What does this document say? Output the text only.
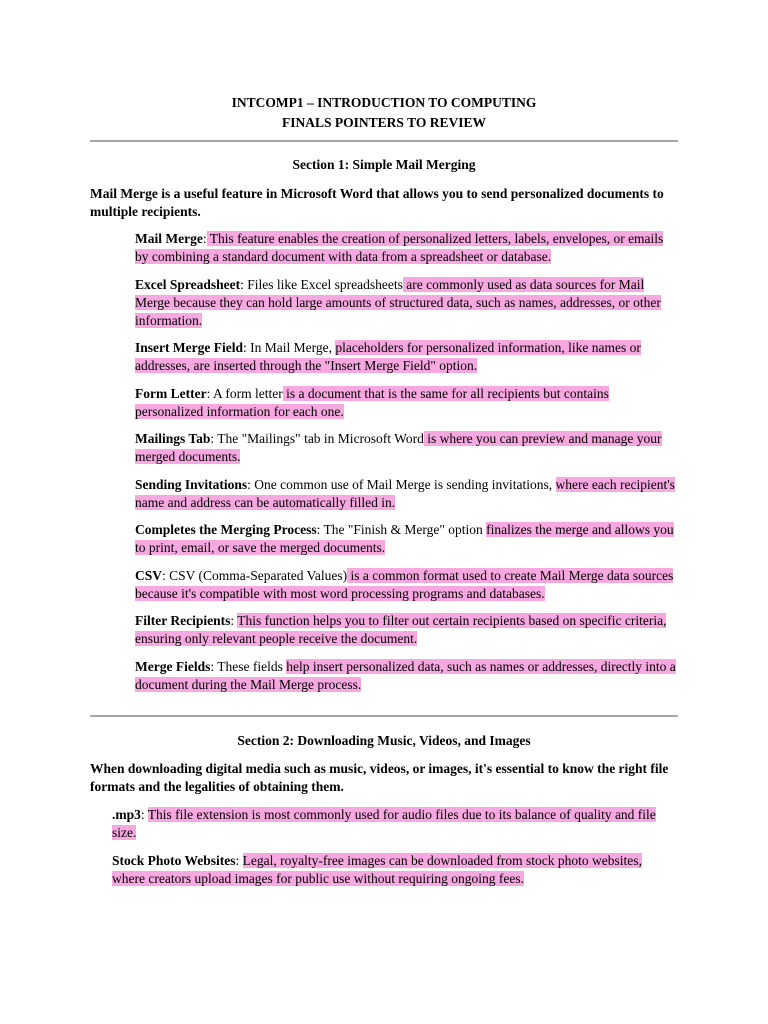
INTCOMP1 – INTRODUCTION TO COMPUTING
FINALS POINTERS TO REVIEW
Section 1: Simple Mail Merging
Mail Merge is a useful feature in Microsoft Word that allows you to send personalized documents to multiple recipients.
Mail Merge: This feature enables the creation of personalized letters, labels, envelopes, or emails by combining a standard document with data from a spreadsheet or database.
Excel Spreadsheet: Files like Excel spreadsheets are commonly used as data sources for Mail Merge because they can hold large amounts of structured data, such as names, addresses, or other information.
Insert Merge Field: In Mail Merge, placeholders for personalized information, like names or addresses, are inserted through the "Insert Merge Field" option.
Form Letter: A form letter is a document that is the same for all recipients but contains personalized information for each one.
Mailings Tab: The "Mailings" tab in Microsoft Word is where you can preview and manage your merged documents.
Sending Invitations: One common use of Mail Merge is sending invitations, where each recipient's name and address can be automatically filled in.
Completes the Merging Process: The "Finish & Merge" option finalizes the merge and allows you to print, email, or save the merged documents.
CSV: CSV (Comma-Separated Values) is a common format used to create Mail Merge data sources because it's compatible with most word processing programs and databases.
Filter Recipients: This function helps you to filter out certain recipients based on specific criteria, ensuring only relevant people receive the document.
Merge Fields: These fields help insert personalized data, such as names or addresses, directly into a document during the Mail Merge process.
Section 2: Downloading Music, Videos, and Images
When downloading digital media such as music, videos, or images, it's essential to know the right file formats and the legalities of obtaining them.
.mp3: This file extension is most commonly used for audio files due to its balance of quality and file size.
Stock Photo Websites: Legal, royalty-free images can be downloaded from stock photo websites, where creators upload images for public use without requiring ongoing fees.
